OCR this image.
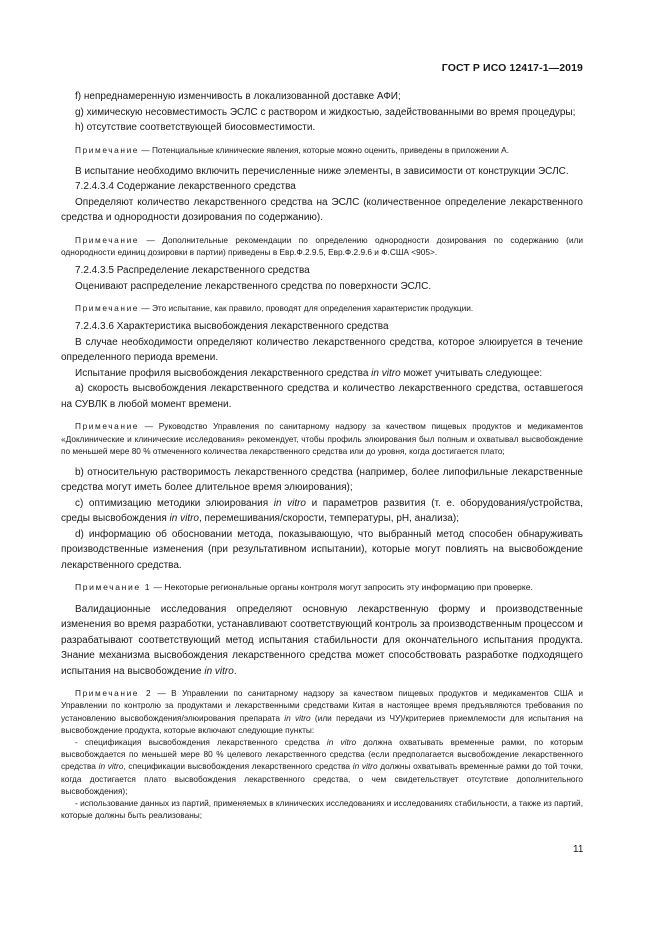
ГОСТ Р ИСО 12417-1—2019

f) непреднамеренную изменчивость в локализованной доставке АФИ;

g) химическую несовместимость ЭСЛС с раствором и жидкостью, задействованными во время процедуры;

h) отсутствие соответствующей биосовместимости.

Примечание — Потенциальные клинические явления, которые можно оценить, приведены в приложении А.

В испытание необходимо включить перечисленные ниже элементы, в зависимости от конструкции ЭСЛС.

7.2.4.3.4 Содержание лекарственного средства

Определяют количество лекарственного средства на ЭСЛС (количественное определение лекарственного средства и однородности дозирования по содержанию).

Примечание — Дополнительные рекомендации по определению однородности дозирования по содержанию (или однородности единиц дозировки в партии) приведены в Евр.Ф.2.9.5, Евр.Ф.2.9.6 и Ф.США <905>.

7.2.4.3.5 Распределение лекарственного средства

Оценивают распределение лекарственного средства по поверхности ЭСЛС.

Примечание — Это испытание, как правило, проводят для определения характеристик продукции.

7.2.4.3.6 Характеристика высвобождения лекарственного средства

В случае необходимости определяют количество лекарственного средства, которое элюируется в течение определенного периода времени.

Испытание профиля высвобождения лекарственного средства in vitro может учитывать следующее:

а) скорость высвобождения лекарственного средства и количество лекарственного средства, оставшегося на СУВЛК в любой момент времени.

Примечание — Руководство Управления по санитарному надзору за качеством пищевых продуктов и медикаментов «Доклинические и клинические исследования» рекомендует, чтобы профиль элюирования был полным и охватывал высвобождение по меньшей мере 80 % отмеченного количества лекарственного средства или до уровня, когда достигается плато;

b) относительную растворимость лекарственного средства (например, более липофильные лекарственные средства могут иметь более длительное время элюирования);

c) оптимизацию методики элюирования in vitro и параметров развития (т. е. оборудования/устройства, среды высвобождения in vitro, перемешивания/скорости, температуры, рН, анализа);

d) информацию об обосновании метода, показывающую, что выбранный метод способен обнаруживать производственные изменения (при результативном испытании), которые могут повлиять на высвобождение лекарственного средства.

Примечание 1 — Некоторые региональные органы контроля могут запросить эту информацию при проверке.

Валидационные исследования определяют основную лекарственную форму и производственные изменения во время разработки, устанавливают соответствующий контроль за производственным процессом и разрабатывают соответствующий метод испытания стабильности для окончательного испытания продукта. Знание механизма высвобождения лекарственного средства может способствовать разработке подходящего испытания на высвобождение in vitro.

Примечание 2 — В Управлении по санитарному надзору за качеством пищевых продуктов и медикаментов США и Управлении по контролю за продуктами и лекарственными средствами Китая в настоящее время предъявляются требования по установлению высвобождения/элюирования препарата in vitro (или передачи из ЧУ)/критериев приемлемости для испытания на высвобождение продукта, которые включают следующие пункты:

- спецификация высвобождения лекарственного средства in vitro должна охватывать временные рамки, по которым высвобождается по меньшей мере 80 % целевого лекарственного средства (если предполагается высвобождение лекарственного средства in vitro, спецификации высвобождения лекарственного средства in vitro должны охватывать временные рамки до той точки, когда достигается плато высвобождения лекарственного средства, о чем свидетельствует отсутствие дополнительного высвобождения);

- использование данных из партий, применяемых в клинических исследованиях и исследованиях стабильности, а также из партий, которые должны быть реализованы;

11
